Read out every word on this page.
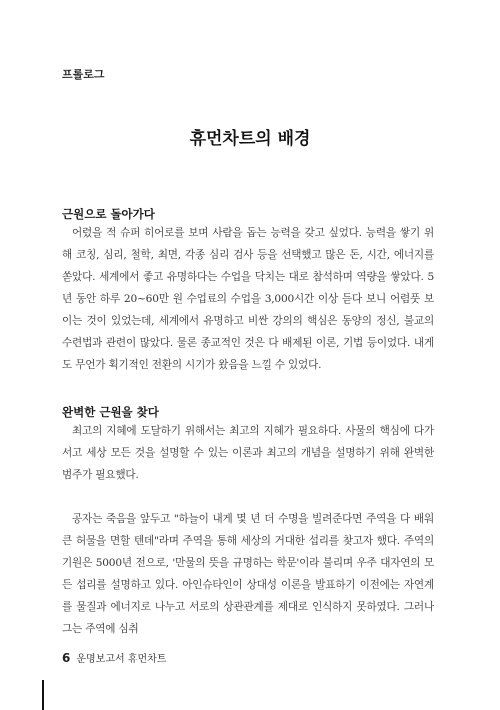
프롤로그
휴먼차트의 배경
근원으로 돌아가다
어렸을 적 슈퍼 히어로를 보며 사람을 돕는 능력을 갖고 싶었다. 능력을 쌓기 위해 코칭, 심리, 철학, 최면, 각종 심리 검사 등을 선택했고 많은 돈, 시간, 에너지를 쏟았다. 세계에서 좋고 유명하다는 수업을 닥치는 대로 참석하며 역량을 쌓았다. 5년 동안 하루 20~60만 원 수업료의 수업을 3,000시간 이상 듣다 보니 어렴풋 보이는 것이 있었는데, 세계에서 유명하고 비싼 강의의 핵심은 동양의 정신, 불교의 수련법과 관련이 많았다. 물론 종교적인 것은 다 배제된 이론, 기법 등이었다. 내게도 무언가 획기적인 전환의 시기가 왔음을 느낄 수 있었다.
완벽한 근원을 찾다
최고의 지혜에 도달하기 위해서는 최고의 지혜가 필요하다. 사물의 핵심에 다가서고 세상 모든 것을 설명할 수 있는 이론과 최고의 개념을 설명하기 위해 완벽한 범주가 필요했다.
공자는 죽음을 앞두고 "하늘이 내게 몇 년 더 수명을 빌려준다면 주역을 다 배워 큰 허물을 면할 텐데"라며 주역을 통해 세상의 거대한 섭리를 찾고자 했다. 주역의 기원은 5000년 전으로, '만물의 뜻을 규명하는 학문'이라 불리며 우주 대자연의 모든 섭리를 설명하고 있다. 아인슈타인이 상대성 이론을 발표하기 이전에는 자연계를 물질과 에너지로 나누고 서로의 상관관계를 제대로 인식하지 못하였다. 그러나 그는 주역에 심취
6 운명보고서 휴먼차트
